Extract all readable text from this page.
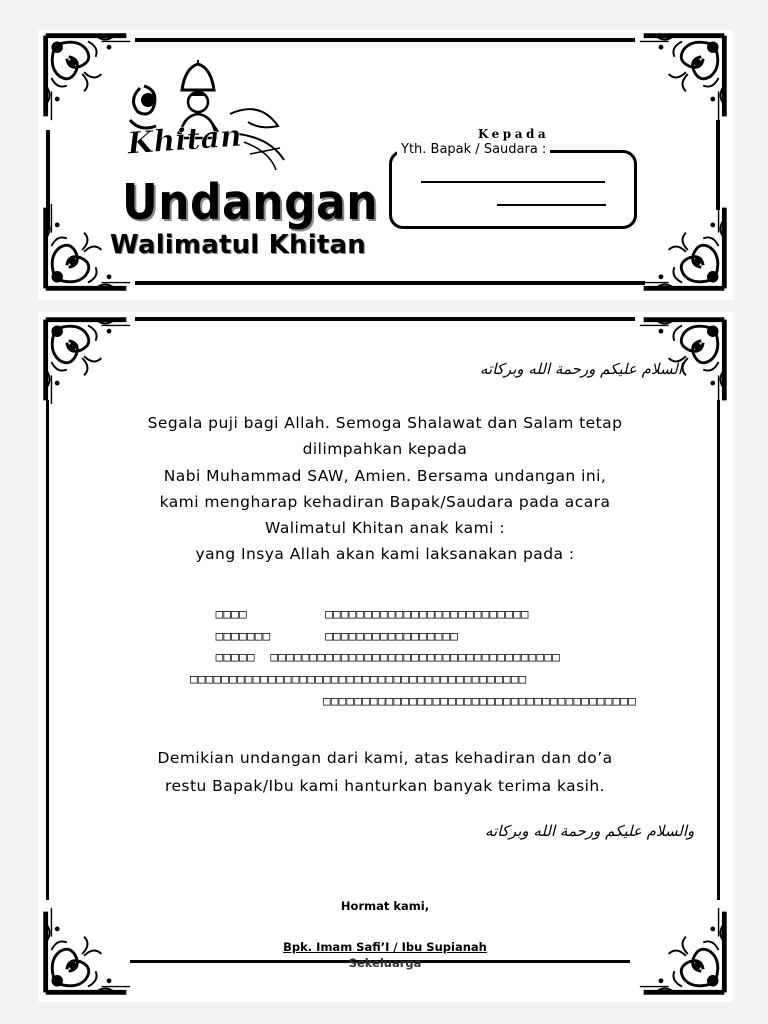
Khitan
Undangan
Walimatul Khitan
Kepada
Yth. Bapak / Saudara :
السلام عليكم ورحمة الله وبركاته
Segala puji bagi Allah. Semoga Shalawat dan Salam tetap
dilimpahkan kepada
Nabi Muhammad SAW, Amien. Bersama undangan ini,
kami mengharap kehadiran Bapak/Saudara pada acara
Walimatul Khitan anak kami :
yang Insya Allah akan kami laksanakan pada :
□□□□          □□□□□□□□□□□□□□□□□□□□□□□□□□
□□□□□□□       □□□□□□□□□□□□□□□□□
□□□□□  □□□□□□□□□□□□□□□□□□□□□□□□□□□□□□□□□□□□□
□□□□□□□□□□□□□□□□□□□□□□□□□□□□□□□□□□□□□□□□□□□
□□□□□□□□□□□□□□□□□□□□□□□□□□□□□□□□□□□□□□□□
Demikian undangan dari kami, atas kehadiran dan do’a
restu Bapak/Ibu kami hanturkan banyak terima kasih.
والسلام عليكم ورحمة الله وبركاته
Hormat kami,
Bpk. Imam Safi’I / Ibu Supianah
Sekeluarga
